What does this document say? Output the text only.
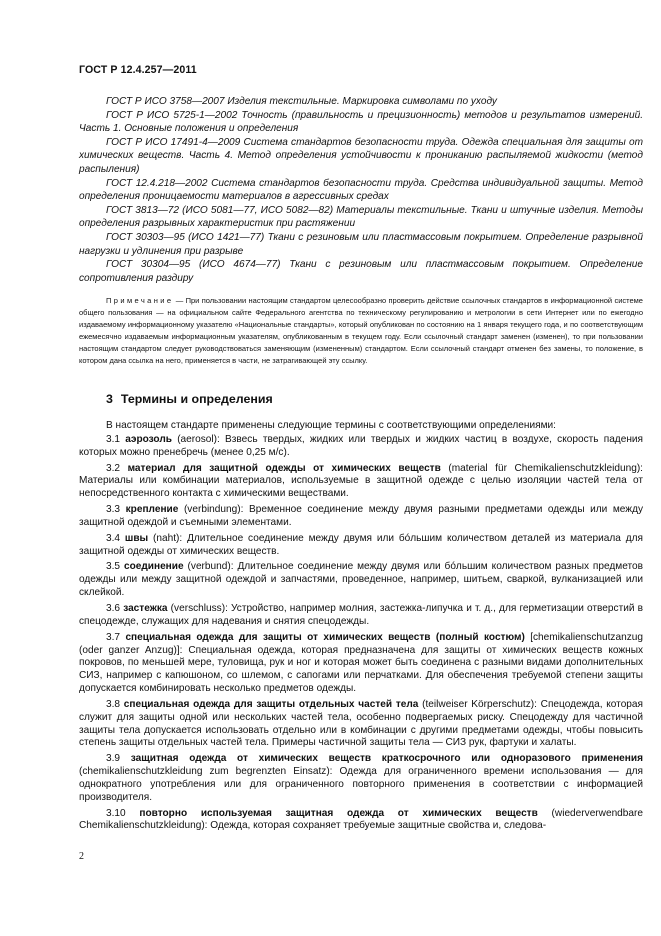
ГОСТ Р 12.4.257—2011

ГОСТ Р ИСО 3758—2007 Изделия текстильные. Маркировка символами по уходу

ГОСТ Р ИСО 5725-1—2002 Точность (правильность и прецизионность) методов и результатов измерений. Часть 1. Основные положения и определения

ГОСТ Р ИСО 17491-4—2009 Система стандартов безопасности труда. Одежда специальная для защиты от химических веществ. Часть 4. Метод определения устойчивости к прониканию распыляемой жидкости (метод распыления)

ГОСТ 12.4.218—2002 Система стандартов безопасности труда. Средства индивидуальной защиты. Метод определения проницаемости материалов в агрессивных средах

ГОСТ 3813—72 (ИСО 5081—77, ИСО 5082—82) Материалы текстильные. Ткани и штучные изделия. Методы определения разрывных характеристик при растяжении

ГОСТ 30303—95 (ИСО 1421—77) Ткани с резиновым или пластмассовым покрытием. Определение разрывной нагрузки и удлинения при разрыве

ГОСТ 30304—95 (ИСО 4674—77) Ткани с резиновым или пластмассовым покрытием. Определение сопротивления раздиру

Примечание — При пользовании настоящим стандартом целесообразно проверить действие ссылочных стандартов в информационной системе общего пользования — на официальном сайте Федерального агентства по техническому регулированию и метрологии в сети Интернет или по ежегодно издаваемому информационному указателю «Национальные стандарты», который опубликован по состоянию на 1 января текущего года, и по соответствующим ежемесячно издаваемым информационным указателям, опубликованным в текущем году. Если ссылочный стандарт заменен (изменен), то при пользовании настоящим стандартом следует руководствоваться заменяющим (измененным) стандартом. Если ссылочный стандарт отменен без замены, то положение, в котором дана ссылка на него, применяется в части, не затрагивающей эту ссылку.

3 Термины и определения

В настоящем стандарте применены следующие термины с соответствующими определениями:

3.1 аэрозоль (aerosol): Взвесь твердых, жидких или твердых и жидких частиц в воздухе, скорость падения которых можно пренебречь (менее 0,25 м/с).

3.2 материал для защитной одежды от химических веществ (material für Chemikalienschutzkleidung): Материалы или комбинации материалов, используемые в защитной одежде с целью изоляции частей тела от непосредственного контакта с химическими веществами.

3.3 крепление (verbindung): Временное соединение между двумя разными предметами одежды или между защитной одеждой и съемными элементами.

3.4 швы (naht): Длительное соединение между двумя или бóльшим количеством деталей из материала для защитной одежды от химических веществ.

3.5 соединение (verbund): Длительное соединение между двумя или бóльшим количеством разных предметов одежды или между защитной одеждой и запчастями, проведенное, например, шитьем, сваркой, вулканизацией или склейкой.

3.6 застежка (verschluss): Устройство, например молния, застежка-липучка и т. д., для герметизации отверстий в спецодежде, служащих для надевания и снятия спецодежды.

3.7 специальная одежда для защиты от химических веществ (полный костюм) [chemikalienschutzanzug (oder ganzer Anzug)]: Специальная одежда, которая предназначена для защиты от химических веществ кожных покровов, по меньшей мере, туловища, рук и ног и которая может быть соединена с разными видами дополнительных СИЗ, например с капюшоном, со шлемом, с сапогами или перчатками. Для обеспечения требуемой степени защиты допускается комбинировать несколько предметов одежды.

3.8 специальная одежда для защиты отдельных частей тела (teilweiser Körperschutz): Спецодежда, которая служит для защиты одной или нескольких частей тела, особенно подвергаемых риску. Спецодежду для частичной защиты тела допускается использовать отдельно или в комбинации с другими предметами одежды, чтобы повысить степень защиты отдельных частей тела. Примеры частичной защиты тела — СИЗ рук, фартуки и халаты.

3.9 защитная одежда от химических веществ краткосрочного или одноразового применения (chemikalienschutzkleidung zum begrenzten Einsatz): Одежда для ограниченного времени использования — для однократного употребления или для ограниченного повторного применения в соответствии с информацией производителя.

3.10 повторно используемая защитная одежда от химических веществ (wiederverwendbare Chemikalienschutzkleidung): Одежда, которая сохраняет требуемые защитные свойства и, следова-

2
